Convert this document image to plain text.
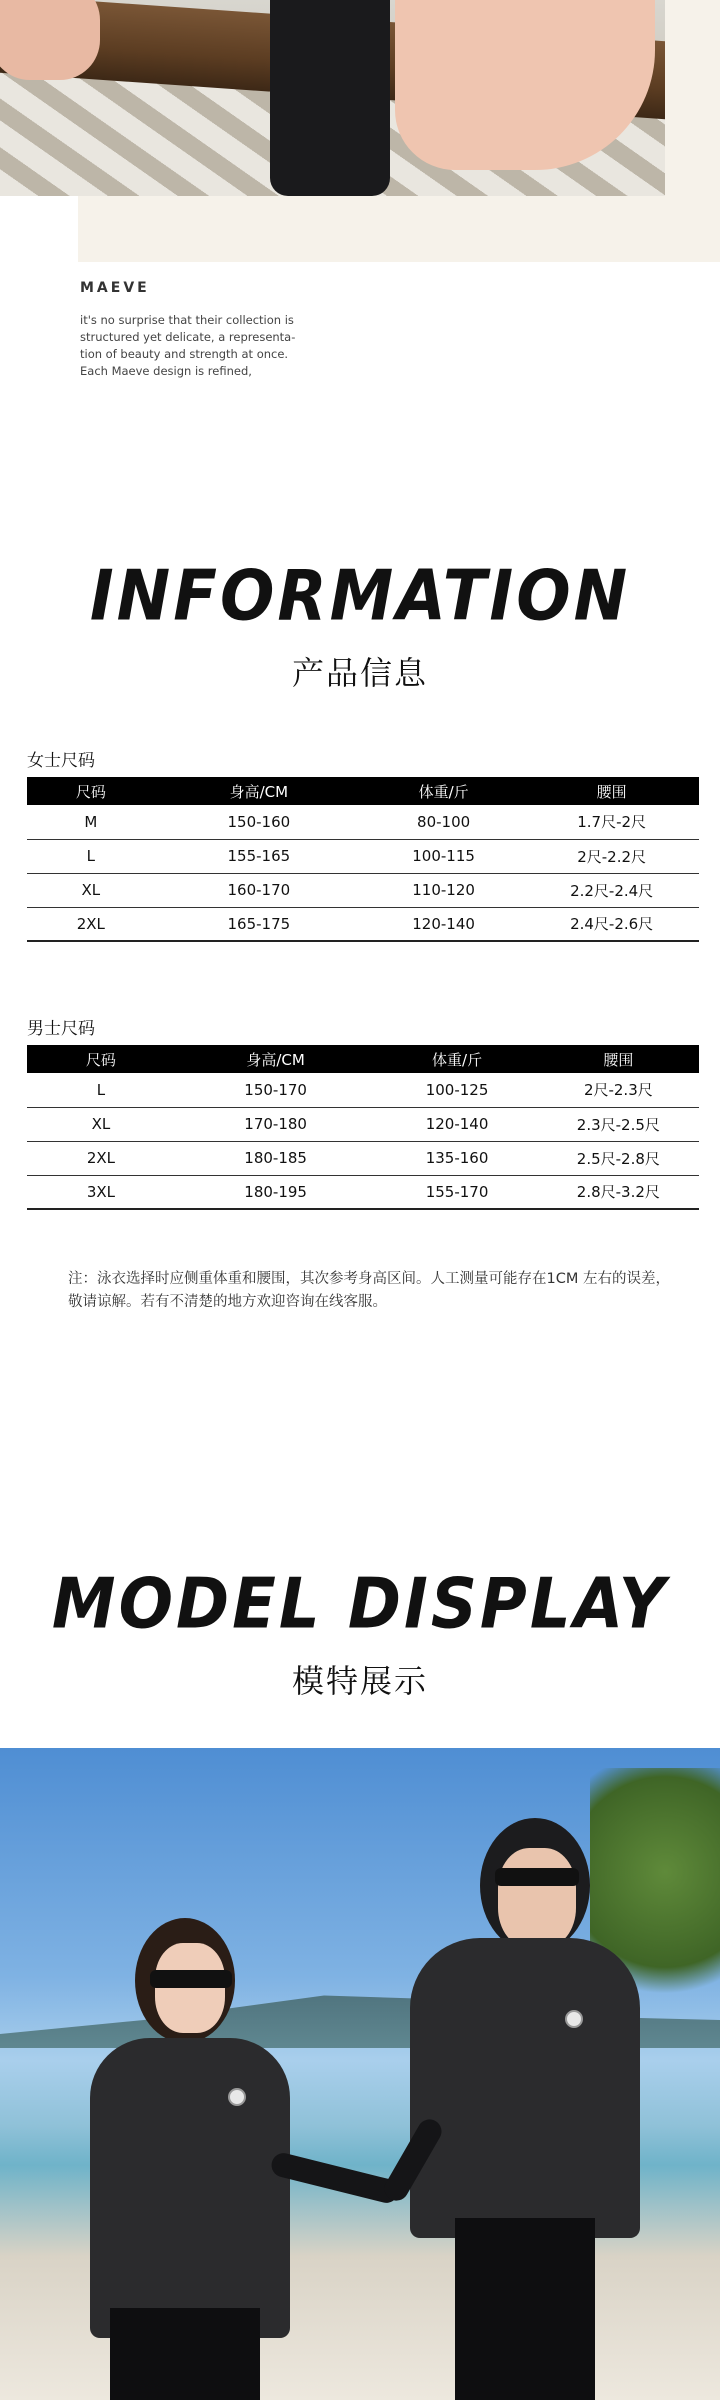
MAEVE

it's no surprise that their collection is
structured yet delicate, a representa-
tion of beauty and strength at once.
Each Maeve design is refined,

INFORMATION
产品信息
女士尺码
尺码	身高/CM	体重/斤	腰围
M	150-160	80-100	1.7尺-2尺
L	155-165	100-115	2尺-2.2尺
XL	160-170	110-120	2.2尺-2.4尺
2XL	165-175	120-140	2.4尺-2.6尺
男士尺码
尺码	身高/CM	体重/斤	腰围
L	150-170	100-125	2尺-2.3尺
XL	170-180	120-140	2.3尺-2.5尺
2XL	180-185	135-160	2.5尺-2.8尺
3XL	180-195	155-170	2.8尺-3.2尺
注：泳衣选择时应侧重体重和腰围，其次参考身高区间。人工测量可能存在1CM 左右的误差，敬请谅解。若有不清楚的地方欢迎咨询在线客服。
MODEL DISPLAY
模特展示
